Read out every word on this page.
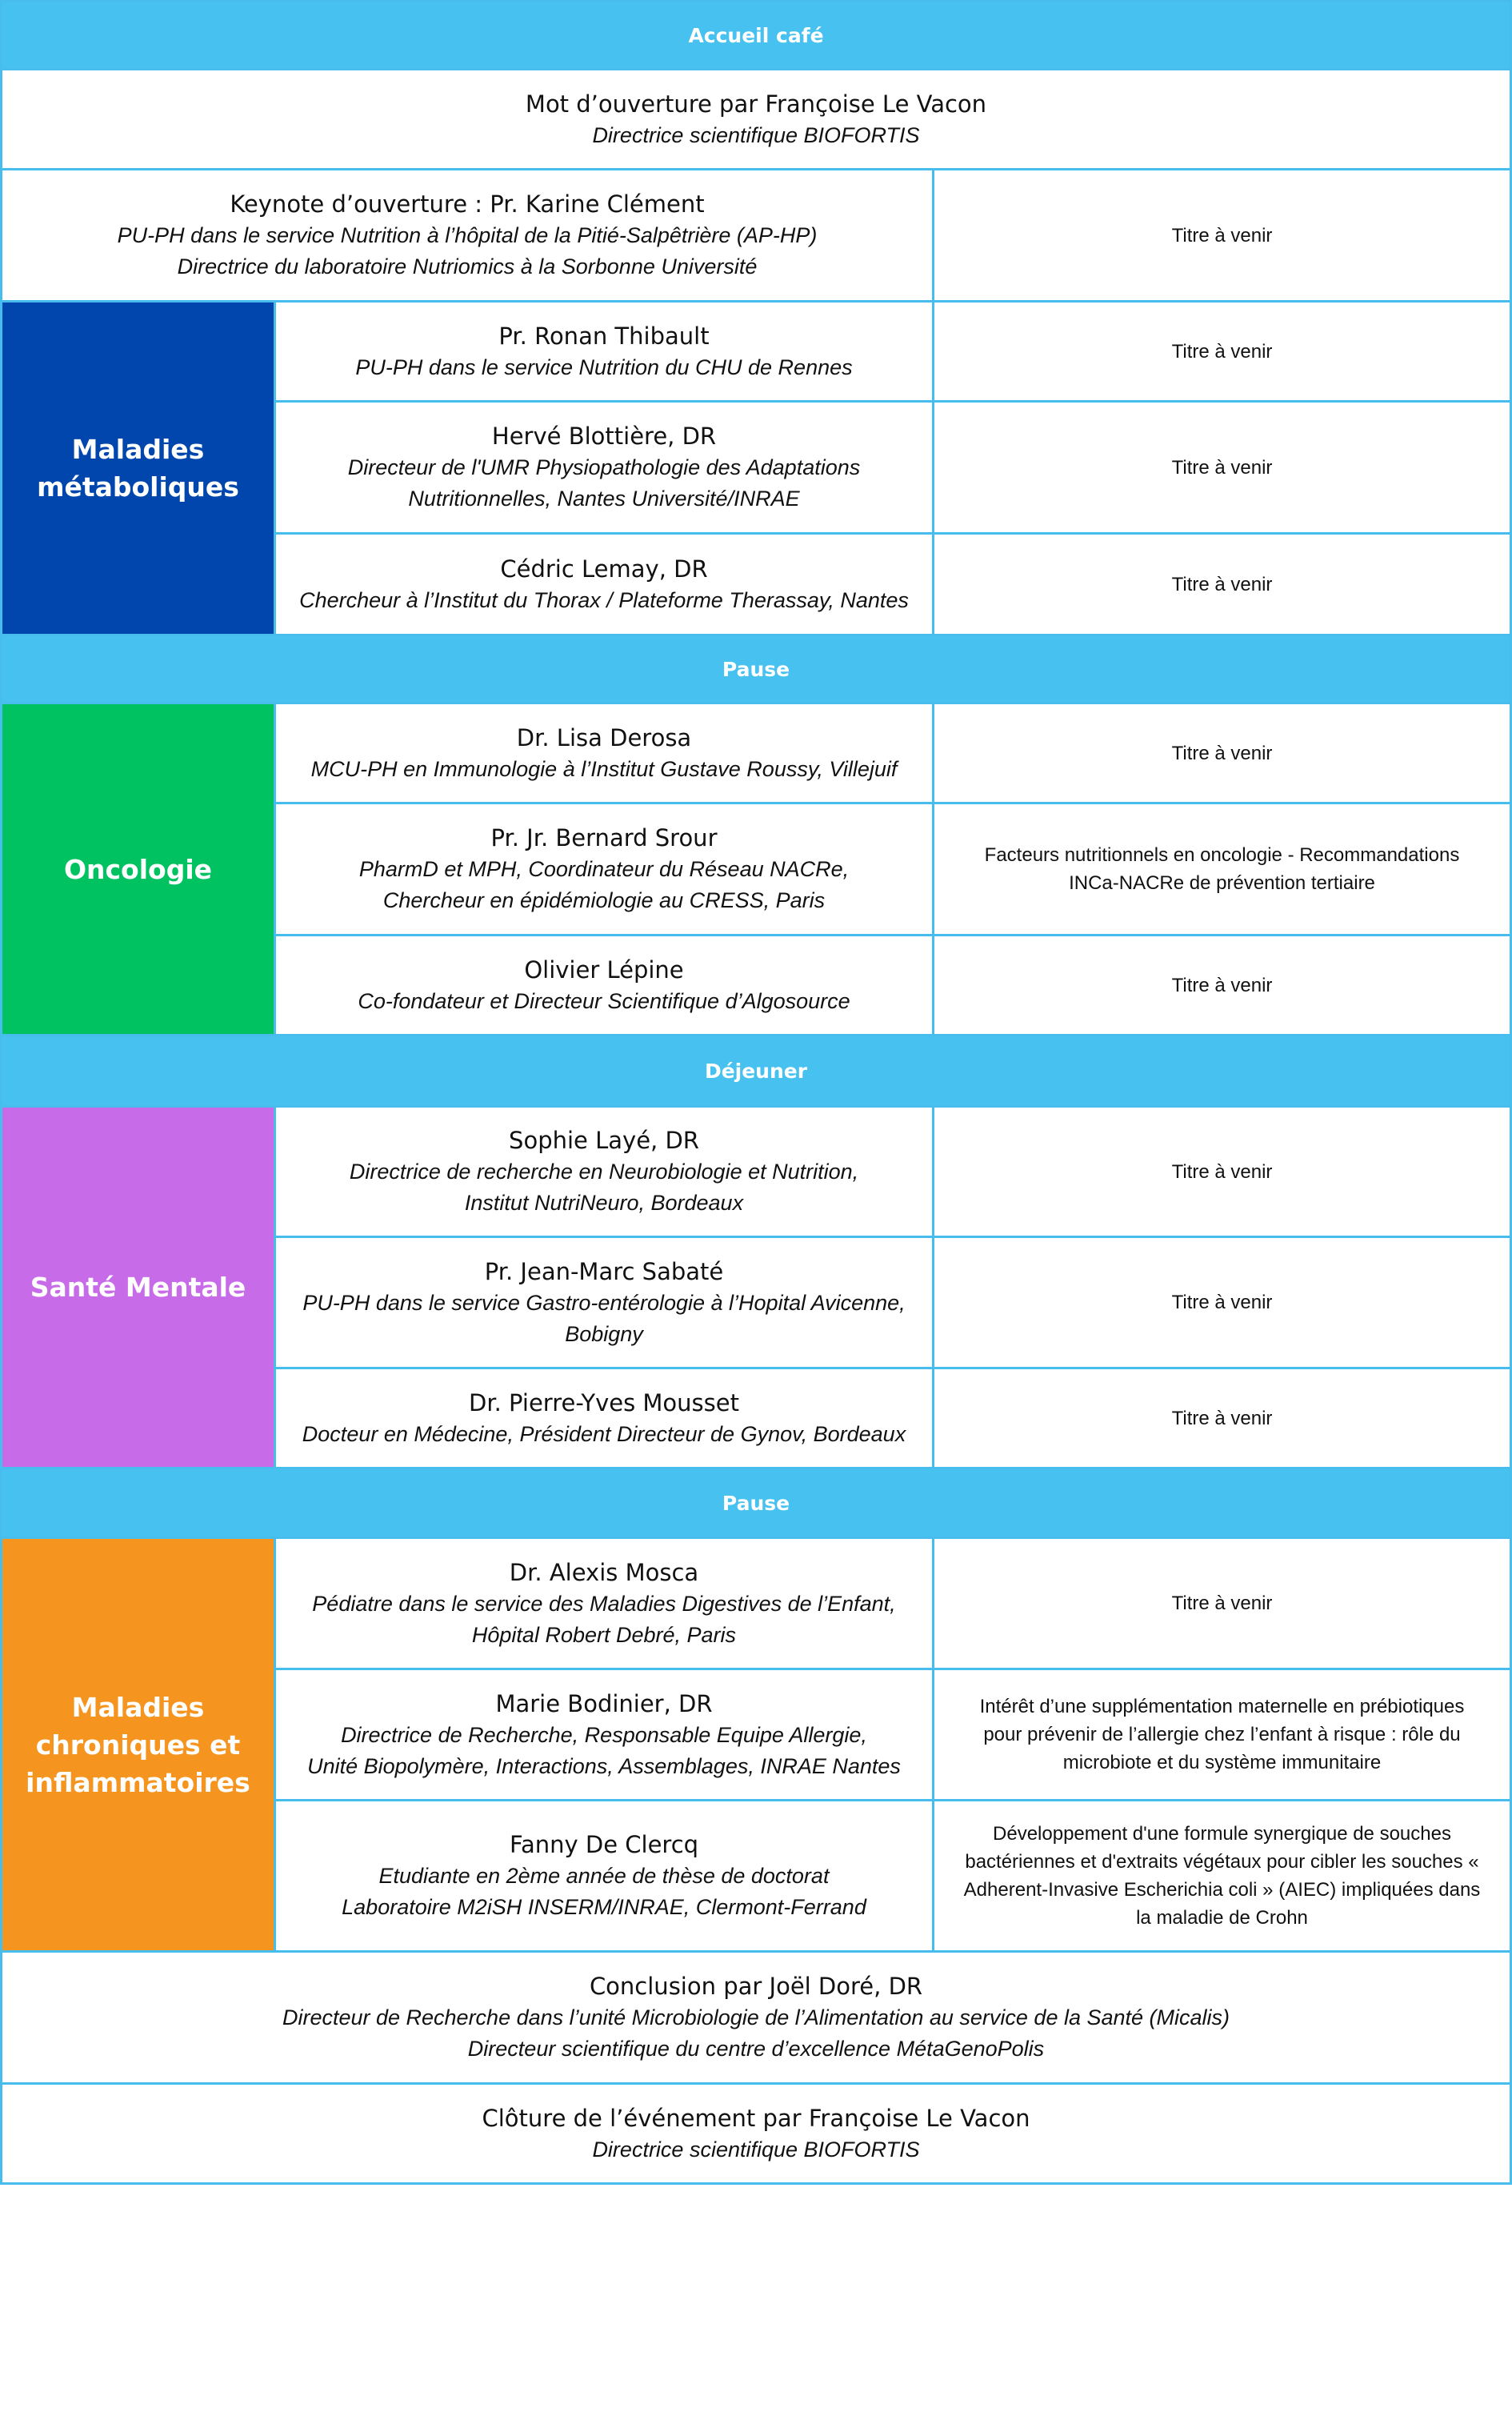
Accueil café
Mot d’ouverture par Françoise Le Vacon
Directrice scientifique BIOFORTIS
Keynote d’ouverture : Pr. Karine Clément
PU-PH dans le service Nutrition à l’hôpital de la Pitié-Salpêtrière (AP-HP)
Directrice du laboratoire Nutriomics à la Sorbonne Université
Titre à venir
Maladies métaboliques
Pr. Ronan Thibault
PU-PH dans le service Nutrition du CHU de Rennes
Titre à venir
Hervé Blottière, DR
Directeur de l'UMR Physiopathologie des Adaptations
Nutritionnelles, Nantes Université/INRAE
Titre à venir
Cédric Lemay, DR
Chercheur à l’Institut du Thorax / Plateforme Therassay, Nantes
Titre à venir
Pause
Oncologie
Dr. Lisa Derosa
MCU-PH en Immunologie à l’Institut Gustave Roussy, Villejuif
Titre à venir
Pr. Jr. Bernard Srour
PharmD et MPH, Coordinateur du Réseau NACRe,
Chercheur en épidémiologie au CRESS, Paris
Facteurs nutritionnels en oncologie - Recommandations
INCa-NACRe de prévention tertiaire
Olivier Lépine
Co-fondateur et Directeur Scientifique d’Algosource
Titre à venir
Déjeuner
Santé Mentale
Sophie Layé, DR
Directrice de recherche en Neurobiologie et Nutrition,
Institut NutriNeuro, Bordeaux
Titre à venir
Pr. Jean-Marc Sabaté
PU-PH dans le service Gastro-entérologie à l’Hopital Avicenne,
Bobigny
Titre à venir
Dr. Pierre-Yves Mousset
Docteur en Médecine, Président Directeur de Gynov, Bordeaux
Titre à venir
Pause
Maladies chroniques et inflammatoires
Dr. Alexis Mosca
Pédiatre dans le service des Maladies Digestives de l’Enfant,
Hôpital Robert Debré, Paris
Titre à venir
Marie Bodinier, DR
Directrice de Recherche, Responsable Equipe Allergie,
Unité Biopolymère, Interactions, Assemblages, INRAE Nantes
Intérêt d’une supplémentation maternelle en prébiotiques
pour prévenir de l’allergie chez l’enfant à risque : rôle du
microbiote et du système immunitaire
Fanny De Clercq
Etudiante en 2ème année de thèse de doctorat
Laboratoire M2iSH INSERM/INRAE, Clermont-Ferrand
Développement d'une formule synergique de souches
bactériennes et d'extraits végétaux pour cibler les souches «
Adherent-Invasive Escherichia coli » (AIEC) impliquées dans
la maladie de Crohn
Conclusion par Joël Doré, DR
Directeur de Recherche dans l’unité Microbiologie de l’Alimentation au service de la Santé (Micalis)
Directeur scientifique du centre d’excellence MétaGenoPolis
Clôture de l’événement par Françoise Le Vacon
Directrice scientifique BIOFORTIS
